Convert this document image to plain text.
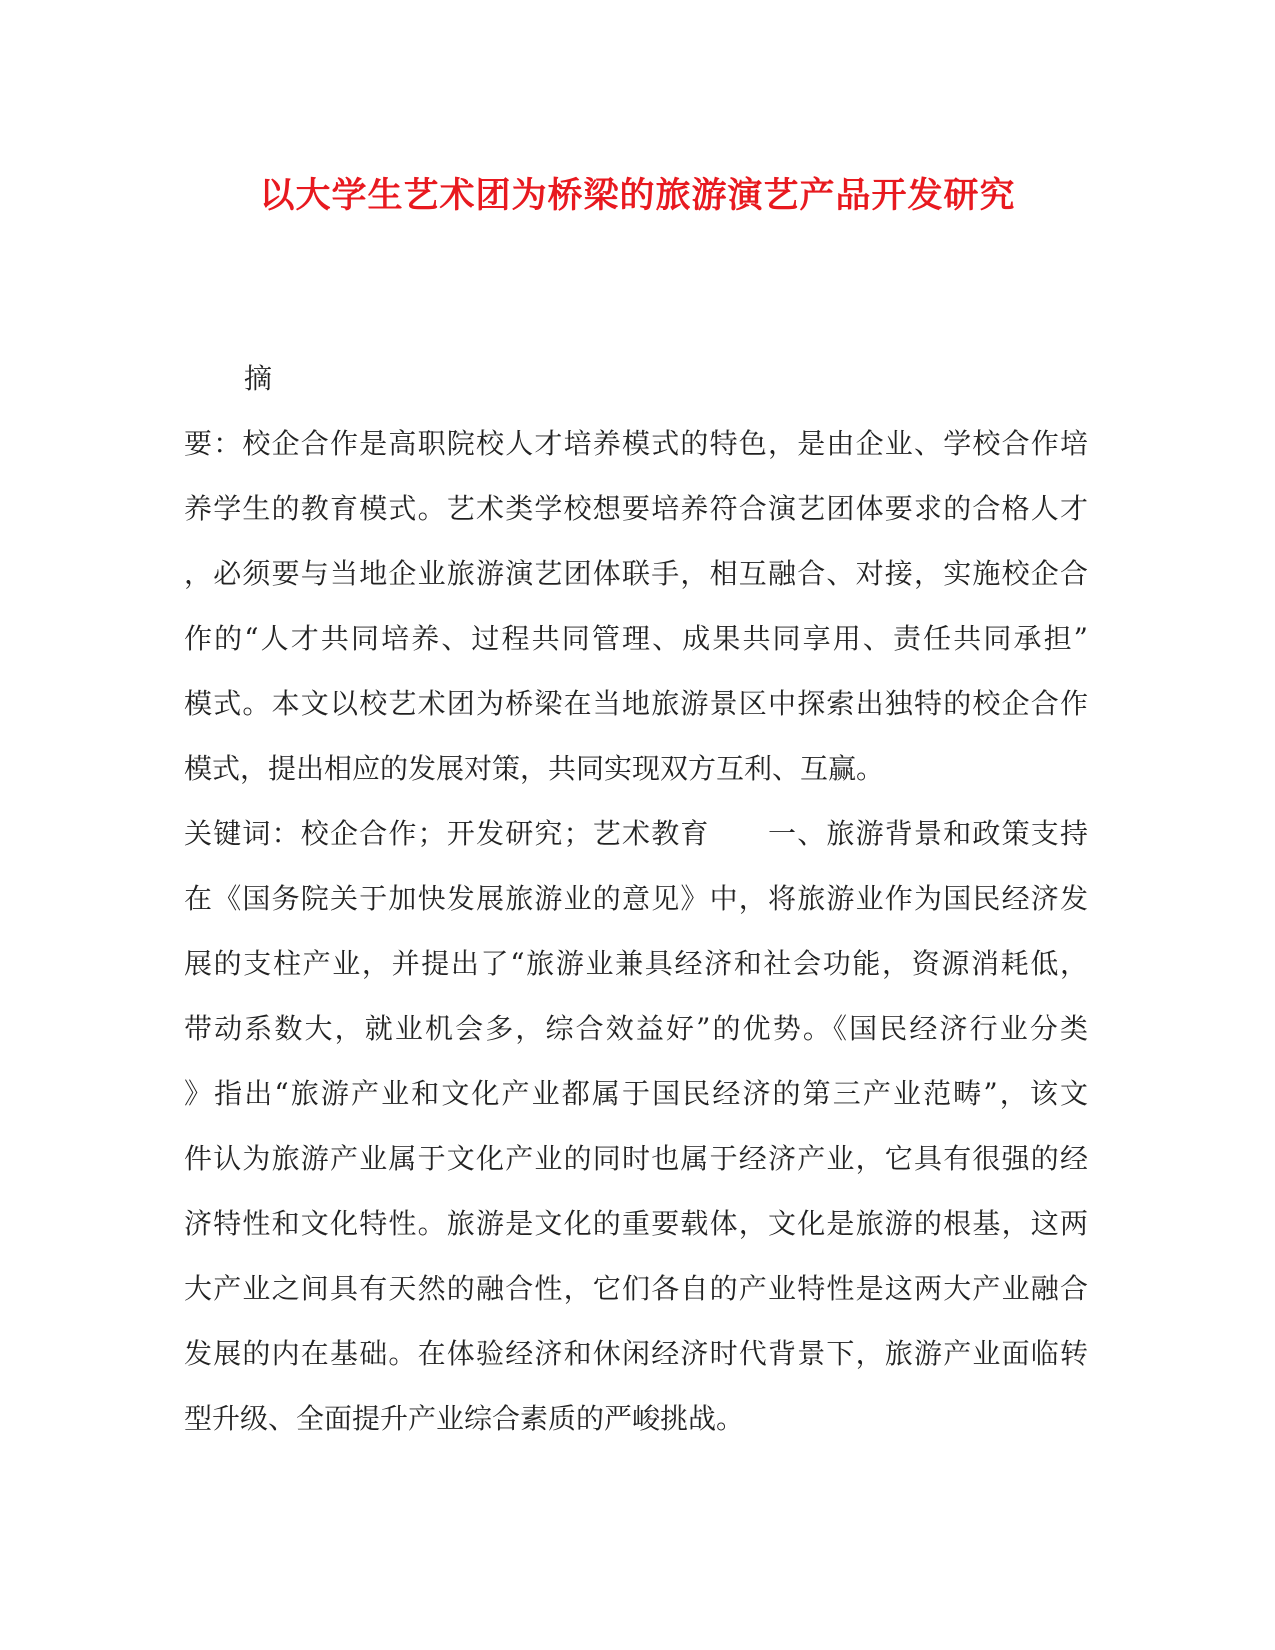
以大学生艺术团为桥梁的旅游演艺产品开发研究
摘
要：校企合作是高职院校人才培养模式的特色，是由企业、学校合作培
养学生的教育模式。艺术类学校想要培养符合演艺团体要求的合格人才
，必须要与当地企业旅游演艺团体联手，相互融合、对接，实施校企合
作的“人才共同培养、过程共同管理、成果共同享用、责任共同承担”
模式。本文以校艺术团为桥梁在当地旅游景区中探索出独特的校企合作
模式，提出相应的发展对策，共同实现双方互利、互赢。
关键词：校企合作；开发研究；艺术教育　　一、旅游背景和政策支持
在《国务院关于加快发展旅游业的意见》中，将旅游业作为国民经济发
展的支柱产业，并提出了“旅游业兼具经济和社会功能，资源消耗低，
带动系数大，就业机会多，综合效益好”的优势。《国民经济行业分类
》指出“旅游产业和文化产业都属于国民经济的第三产业范畴”，该文
件认为旅游产业属于文化产业的同时也属于经济产业，它具有很强的经
济特性和文化特性。旅游是文化的重要载体，文化是旅游的根基，这两
大产业之间具有天然的融合性，它们各自的产业特性是这两大产业融合
发展的内在基础。在体验经济和休闲经济时代背景下，旅游产业面临转
型升级、全面提升产业综合素质的严峻挑战。
